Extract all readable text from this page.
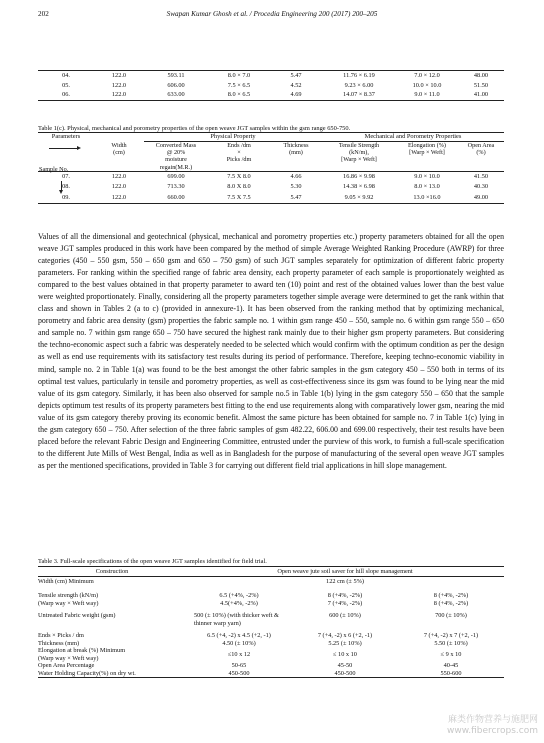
202	Swapan Kumar Ghosh et al. / Procedia Engineering 200 (2017) 200–205
04.	122.0	593.11	8.0 × 7.0	5.47	11.76 × 6.19	7.0 × 12.0	48.00
05.	122.0	606.00	7.5 × 6.5	4.52	9.23 × 6.00	10.0 × 10.0	51.50
06.	122.0	633.00	8.0 × 6.5	4.69	14.07 × 8.37	9.0 × 11.0	41.00
Table 1(c). Physical, mechanical and porometry properties of the open weave JGT samples within the gsm range 650-750.
Parameters		Physical Property			Mechanical and Porometry Properties		

Sample No.	Width	Converted Mass	Ends /dm	Thickness	Tensile Strength	Elongation (%)	Open Area
	(cm)	@ 20%	×	(mm)	(kN/m),	[Warp × Weft]	(%)
		moisture	Picks /dm		[Warp × Weft]		
		regain(M.R.)					
07.	122.0	699.00	7.5 X 8.0	4.66	16.86 × 9.98	9.0 × 10.0	41.50
08.	122.0	713.30	8.0 X 8.0	5.30	14.38 × 6.98	8.0 × 13.0	40.30
09.	122.0	660.00	7.5 X 7.5	5.47	9.05 × 9.92	13.0 ×16.0	49.00

Values of all the dimensional and geotechnical (physical, mechanical and porometry properties etc.) property parameters obtained for all the open weave JGT samples produced in this work have been compared by the method of simple Average Weighted Ranking Procedure (AWRP) for three categories (450 – 550 gsm, 550 – 650 gsm and 650 – 750 gsm) of such JGT samples separately for optimization of different fabric property parameters. For ranking within the specified range of fabric area density, each property parameter of each sample is proportionately weighted as compared to the best values obtained in that property parameter to award ten (10) point and rest of the obtained values lower than the best value were weighted proportionately. Finally, considering all the property parameters together simple average were determined to get the rank within that class and shown in Tables 2 (a to c) (provided in annexure-1). It has been observed from the ranking method that by optimizing mechanical, porometry and fabric area density (gsm) properties the fabric sample no. 1 within gsm range 450 – 550, sample no. 6 within gsm range 550 – 650 and sample no. 7 within gsm range 650 – 750 have secured the highest rank mainly due to their higher gsm property parameters. But considering the techno-economic aspect such a fabric was desperately needed to be selected which would confirm with the optimum condition as per the design as well as end use requirements with its satisfactory test results during its period of performance. Therefore, keeping techno-economic viability in mind, sample no. 2 in Table 1(a) was found to be the best amongst the other fabric samples in the gsm category 450 – 550 both in terms of its optimal test values, particularly in tensile and porometry properties, as well as cost-effectiveness since its gsm was found to be lying near the mid value of its gsm category. Similarly, it has been also observed for sample no.5 in Table 1(b) lying in the gsm category 550 – 650 that the sample depicts optimum test results of its property parameters best fitting to the end use requirements along with comparatively lower gsm, nearing the mid value of its gsm category thereby proving its economic benefit. Almost the same picture has been obtained for sample no. 7 in Table 1(c) lying in the gsm category 650 – 750. After selection of the three fabric samples of gsm 482.22, 606.00 and 699.00 respectively, their test results have been placed before the relevant Fabric Design and Engineering Committee, entrusted under the purview of this work, to furnish a full-scale specification to the different Jute Mills of West Bengal, India as well as in Bangladesh for the purpose of manufacturing of the several open weave JGT samples as per the mentioned specifications, provided in Table 3 for carrying out different field trial applications in hill slope management.

Table 3. Full-scale specifications of the open weave JGT samples identified for field trial.
Construction	Open weave jute soil saver for hill slope management		
Width (cm) Minimum	122 cm (± 5%)		

Tensile strength (kN/m)	6.5 (+4%, -2%)	8 (+4%, -2%)	8 (+4%, -2%)
(Warp way × Weft way)	4.5(+4%, -2%)	7 (+4%, -2%)	8 (+4%, -2%)

Untreated Fabric weight (gsm)	500 (± 10%) (with thicker weft &	600 (± 10%)	700 (± 10%)
	thinner warp yarn)		

Ends × Picks / dm	6.5 (+4, -2) x 4.5 (+2, -1)	7 (+4, -2) x 6 (+2, -1)	7 (+4, -2) x 7 (+2, -1)
Thickness (mm)	4.50 (± 10%)	5.25 (± 10%)	5.50 (± 10%)
Elongation at break (%) Minimum	≤10 x 12	≤ 10 x 10	≤ 9 x 10
(Warp way × Weft way)			
Open Area Percentage	50-65	45-50	40-45
Water Holding Capacity(%) on dry wt.	450-500	450-500	550-600
麻类作物营养与施肥网
www.fibercrops.com
